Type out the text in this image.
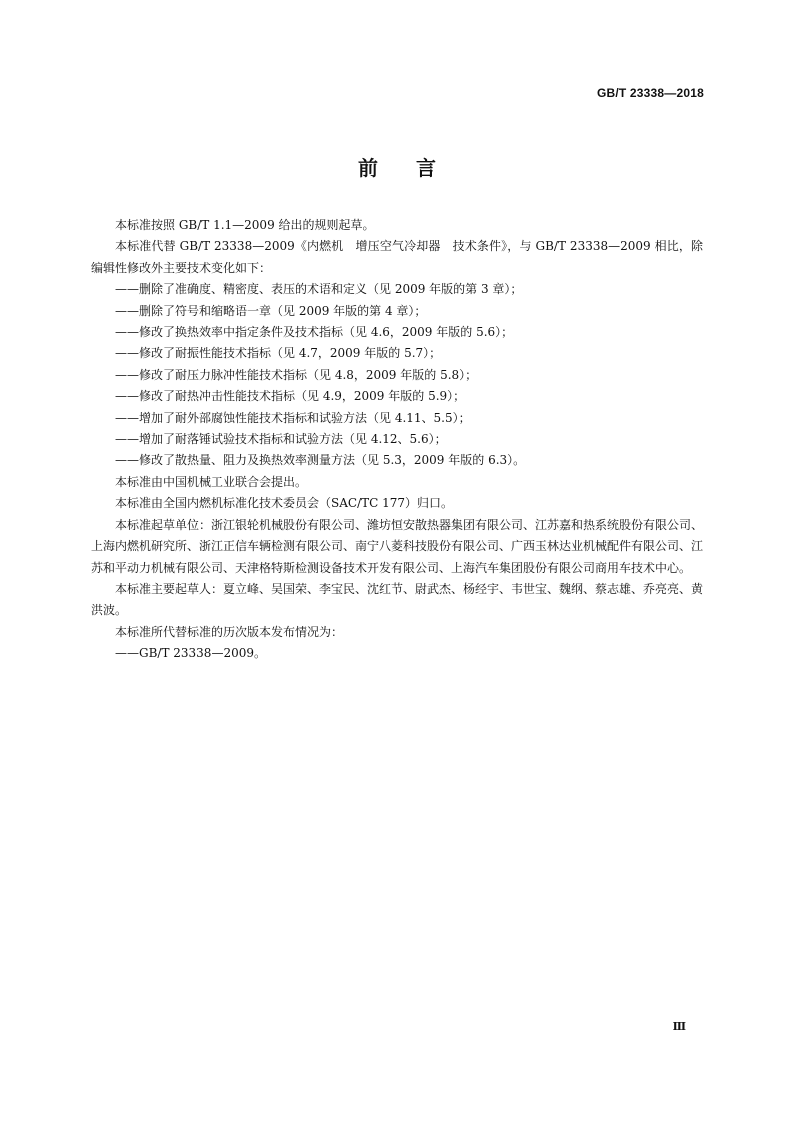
GB/T 23338—2018
前言

本标准按照 GB/T 1.1—2009 给出的规则起草。

本标准代替 GB/T 23338—2009《内燃机　增压空气冷却器　技术条件》，与 GB/T 23338—2009 相比，除编辑性修改外主要技术变化如下：

——删除了准确度、精密度、表压的术语和定义（见 2009 年版的第 3 章）；

——删除了符号和缩略语一章（见 2009 年版的第 4 章）；

——修改了换热效率中指定条件及技术指标（见 4.6，2009 年版的 5.6）；

——修改了耐振性能技术指标（见 4.7，2009 年版的 5.7）；

——修改了耐压力脉冲性能技术指标（见 4.8，2009 年版的 5.8）；

——修改了耐热冲击性能技术指标（见 4.9，2009 年版的 5.9）；

——增加了耐外部腐蚀性能技术指标和试验方法（见 4.11、5.5）；

——增加了耐落锤试验技术指标和试验方法（见 4.12、5.6）；

——修改了散热量、阻力及换热效率测量方法（见 5.3，2009 年版的 6.3）。

本标准由中国机械工业联合会提出。

本标准由全国内燃机标准化技术委员会（SAC/TC 177）归口。

本标准起草单位：浙江银轮机械股份有限公司、潍坊恒安散热器集团有限公司、江苏嘉和热系统股份有限公司、上海内燃机研究所、浙江正信车辆检测有限公司、南宁八菱科技股份有限公司、广西玉林达业机械配件有限公司、江苏和平动力机械有限公司、天津格特斯检测设备技术开发有限公司、上海汽车集团股份有限公司商用车技术中心。

本标准主要起草人：夏立峰、吴国荣、李宝民、沈红节、尉武杰、杨经宇、韦世宝、魏纲、蔡志雄、乔亮亮、黄洪波。

本标准所代替标准的历次版本发布情况为：

——GB/T 23338—2009。

Ⅲ
